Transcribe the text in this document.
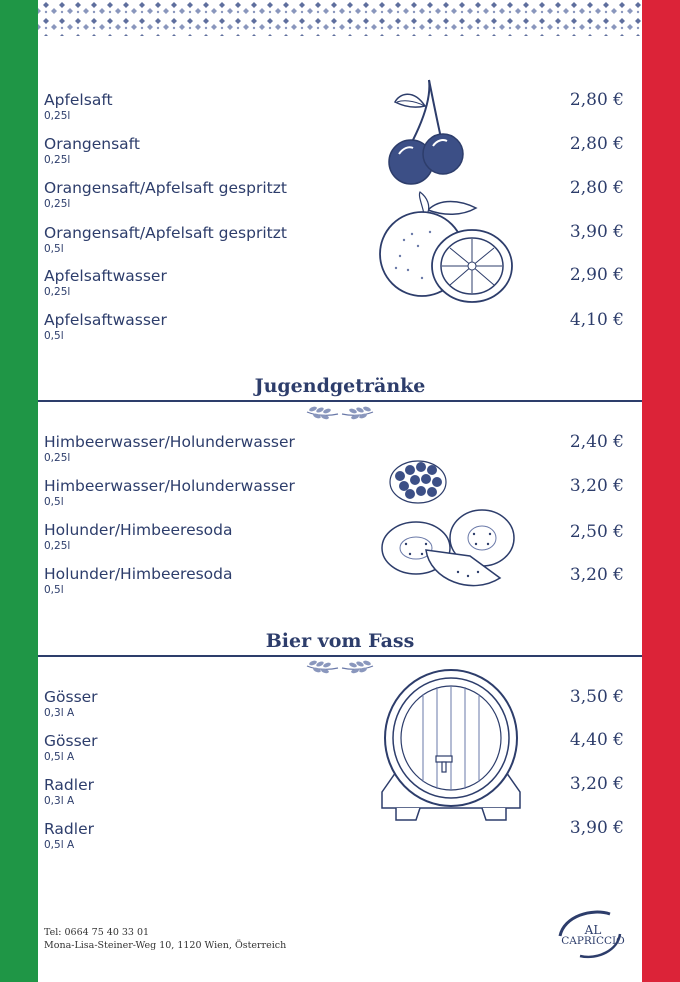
Apfelsaft
0,25l
2,80 €
Orangensaft
0,25l
2,80 €
Orangensaft/Apfelsaft gespritzt
0,25l
2,80 €
Orangensaft/Apfelsaft gespritzt
0,5l
3,90 €
Apfelsaftwasser
0,25l
2,90 €
Apfelsaftwasser
0,5l
4,10 €
Jugendgetränke
Himbeerwasser/Holunderwasser
0,25l
2,40 €
Himbeerwasser/Holunderwasser
0,5l
3,20 €
Holunder/Himbeeresoda
0,25l
2,50 €
Holunder/Himbeeresoda
0,5l
3,20 €
Bier vom Fass
Gösser
0,3l A
3,50 €
Gösser
0,5l A
4,40 €
Radler
0,3l A
3,20 €
Radler
0,5l A
3,90 €
Tel: 0664 75 40 33 01
Mona-Lisa-Steiner-Weg 10, 1120 Wien, Österreich
AL
CAPRICCIO
